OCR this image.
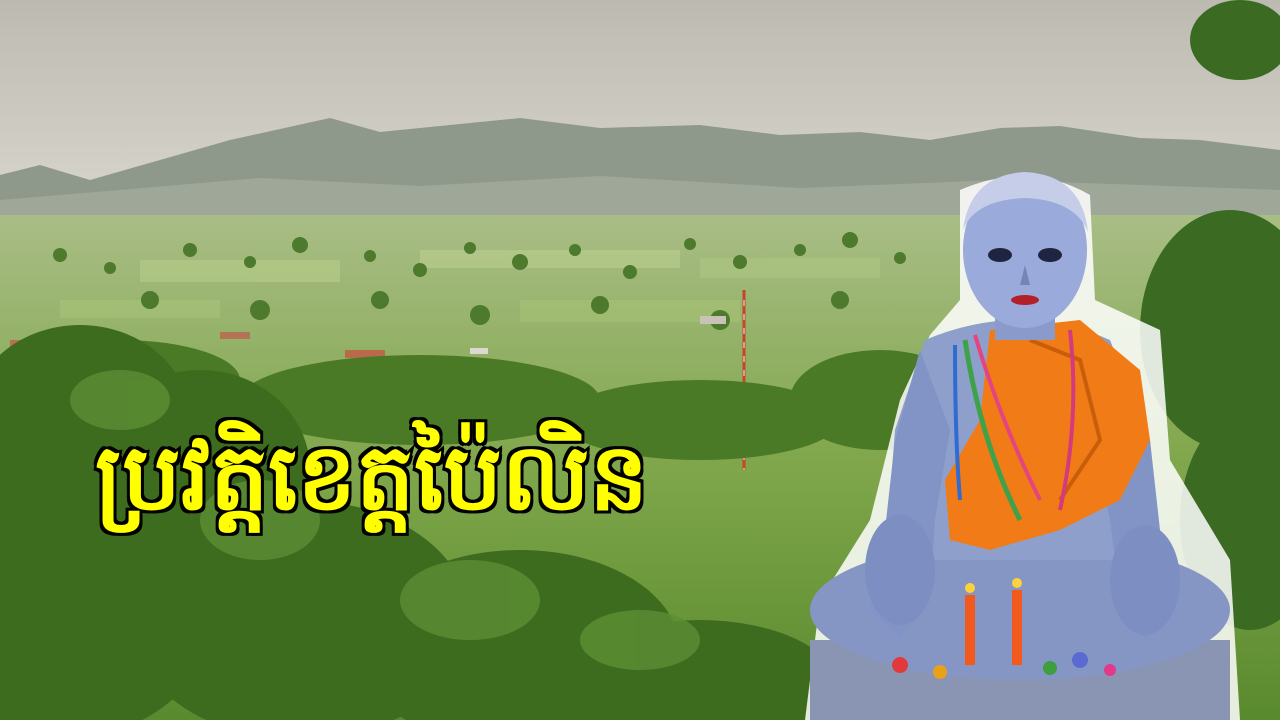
ប្រវត្តិខេត្តប៉ៃលិន
